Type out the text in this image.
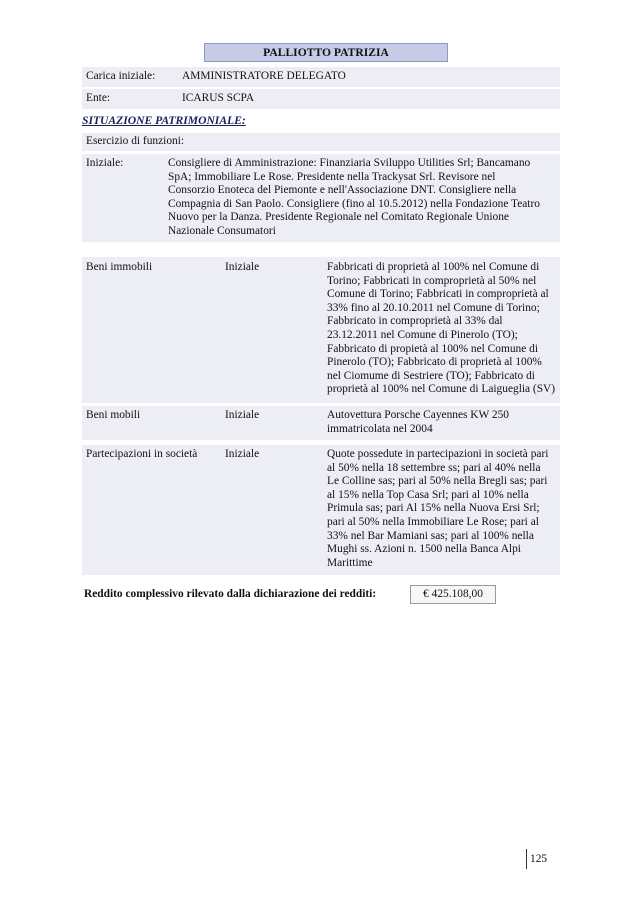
PALLIOTTO PATRIZIA
Carica iniziale: AMMINISTRATORE DELEGATO
Ente:	ICARUS SCPA
SITUAZIONE PATRIMONIALE:
Esercizio di funzioni:
Iniziale:	Consigliere di Amministrazione: Finanziaria Sviluppo Utilities Srl; Bancamano
SpA; Immobiliare Le Rose. Presidente nella Trackysat Srl. Revisore nel
Consorzio Enoteca del Piemonte e nell'Associazione DNT. Consigliere nella
Compagnia di San Paolo. Consigliere (fino al 10.5.2012) nella Fondazione Teatro
Nuovo per la Danza. Presidente Regionale nel Comitato Regionale Unione
Nazionale Consumatori
Beni immobili	Iniziale	Fabbricati di proprietà al 100% nel Comune di
Torino; Fabbricati in comproprietà al 50% nel
Comune di Torino; Fabbricati in comproprietà al
33% fino al 20.10.2011 nel Comune di Torino;
Fabbricato in comproprietà al 33% dal
23.12.2011 nel Comune di Pinerolo (TO);
Fabbricato di propietà al 100% nel Comune di
Pinerolo (TO); Fabbricato di proprietà al 100%
nel Ciomume di Sestriere (TO); Fabbricato di
proprietà al 100% nel Comune di Laigueglia (SV)
Beni mobili	Iniziale	Autovettura Porsche Cayennes KW 250
immatricolata nel 2004
Partecipazioni in società Iniziale	Quote possedute in partecipazioni in società pari
al 50% nella 18 settembre ss; pari al 40% nella
Le Colline sas; pari al 50% nella Bregli sas; pari
al 15% nella Top Casa Srl; pari al 10% nella
Primula sas; pari Al 15% nella Nuova Ersi Srl;
pari al 50% nella Immobiliare Le Rose; pari al
33% nel Bar Mamiani sas; pari al 100% nella
Mughi ss. Azioni n. 1500 nella Banca Alpi
Marittime
Reddito complessivo rilevato dalla dichiarazione dei redditi:	€ 425.108,00
125
